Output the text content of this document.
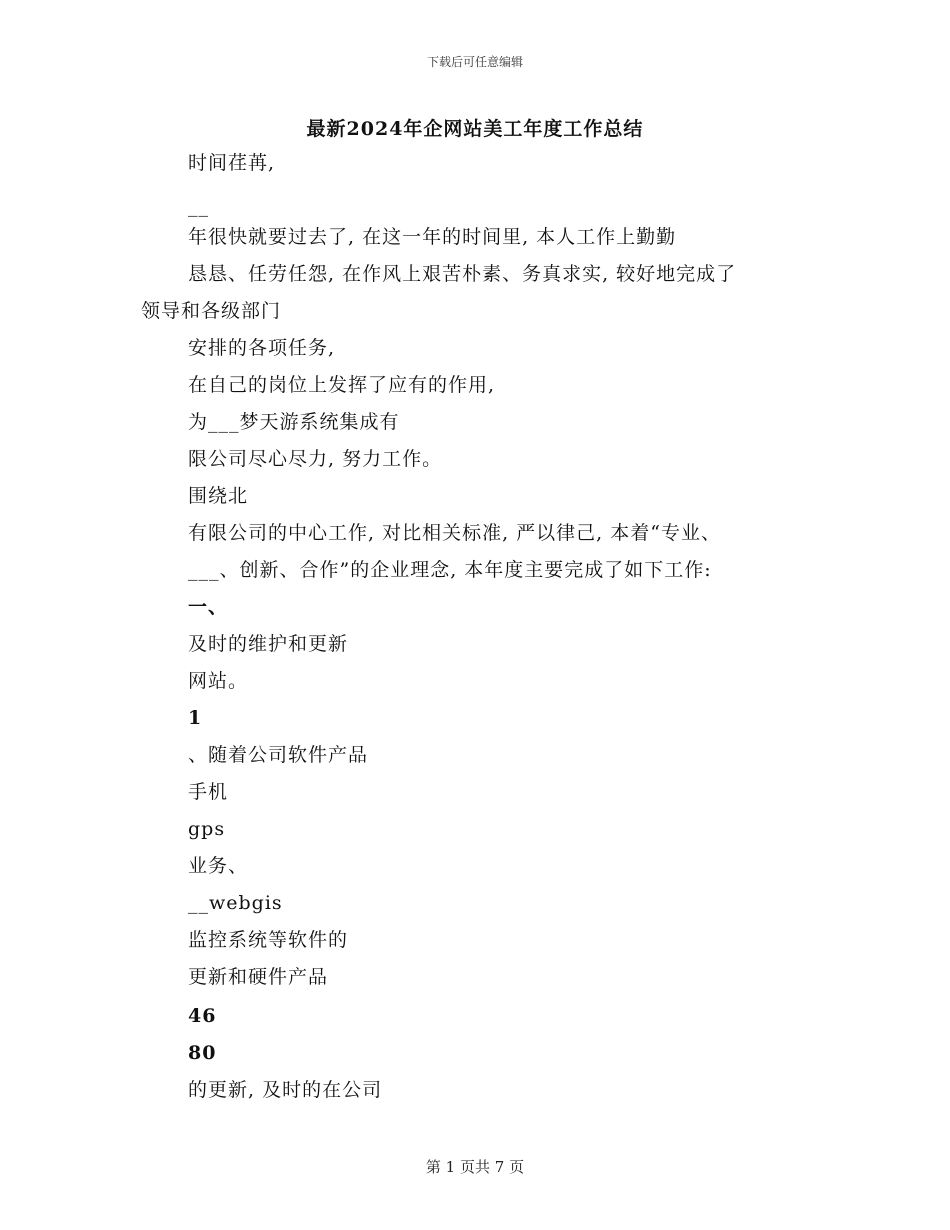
下载后可任意编辑
最新2024年企网站美工年度工作总结
时间荏苒,
__
年很快就要过去了, 在这一年的时间里, 本人工作上勤勤
恳恳、任劳任怨, 在作风上艰苦朴素、务真求实, 较好地完成了
领导和各级部门
安排的各项任务,
在自己的岗位上发挥了应有的作用,
为___梦天游系统集成有
限公司尽心尽力, 努力工作。
围绕北
有限公司的中心工作, 对比相关标准, 严以律己, 本着“专业、
___、创新、合作”的企业理念, 本年度主要完成了如下工作:
一、
及时的维护和更新
网站。
1
、随着公司软件产品
手机
gps
业务、
__webgis
监控系统等软件的
更新和硬件产品
46
80
的更新, 及时的在公司
第 1 页共 7 页
